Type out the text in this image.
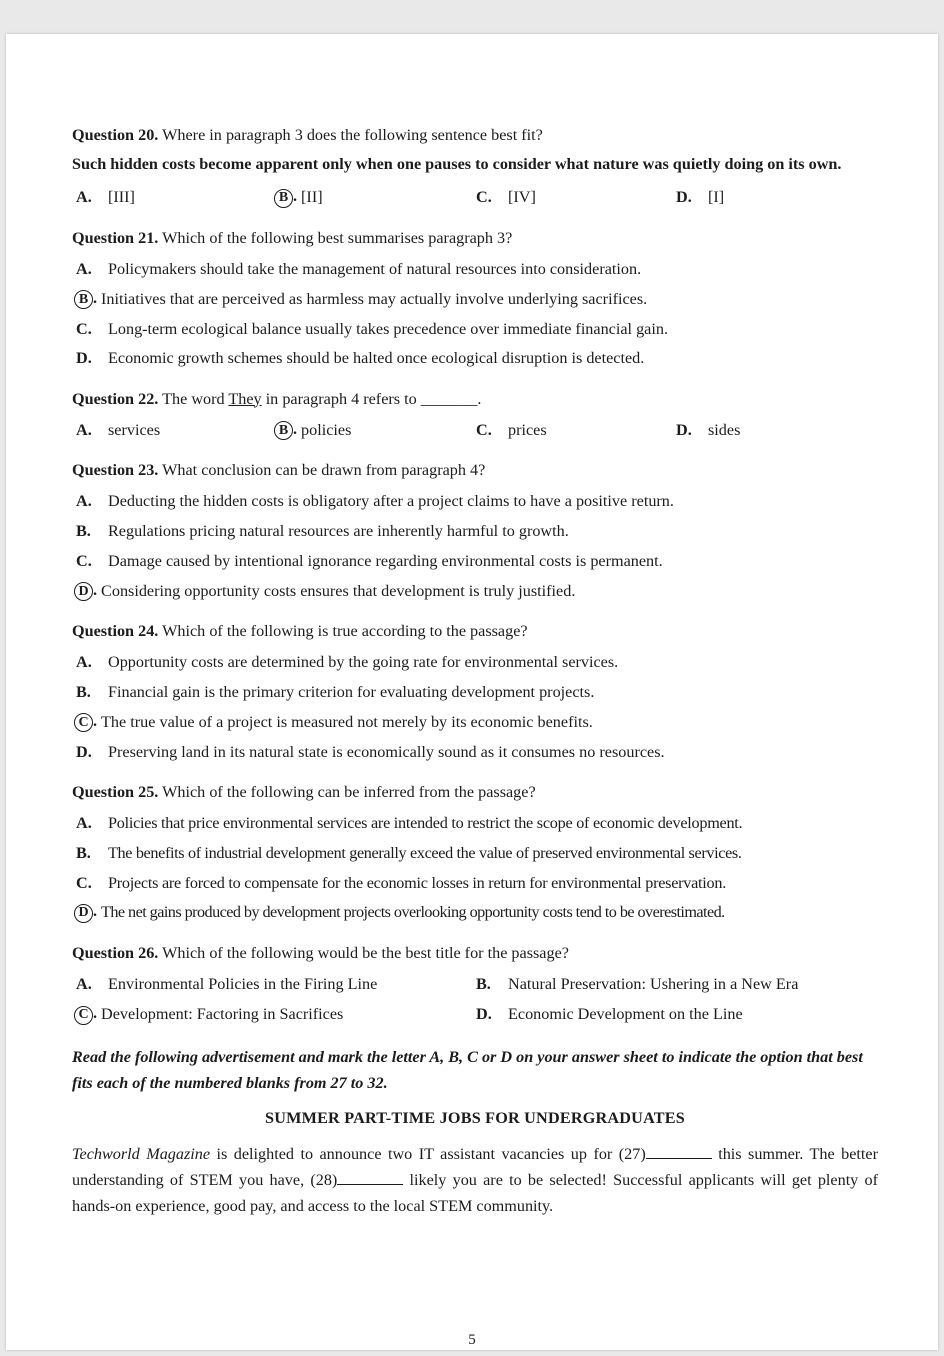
Question 20. Where in paragraph 3 does the following sentence best fit?
Such hidden costs become apparent only when one pauses to consider what nature was quietly doing on its own.
A.	[III]	B . [II]	C.	[IV]	D.	[I]
Question 21. Which of the following best summarises paragraph 3?
A.	Policymakers should take the management of natural resources into consideration.
B . Initiatives that are perceived as harmless may actually involve underlying sacrifices.
C.	Long-term ecological balance usually takes precedence over immediate financial gain.
D.	Economic growth schemes should be halted once ecological disruption is detected.
Question 22. The word They in paragraph 4 refers to _______.
A.	services	B . policies	C.	prices	D.	sides
Question 23. What conclusion can be drawn from paragraph 4?
A.	Deducting the hidden costs is obligatory after a project claims to have a positive return.
B.	Regulations pricing natural resources are inherently harmful to growth.
C.	Damage caused by intentional ignorance regarding environmental costs is permanent.
D . Considering opportunity costs ensures that development is truly justified.
Question 24. Which of the following is true according to the passage?
A.	Opportunity costs are determined by the going rate for environmental services.
B.	Financial gain is the primary criterion for evaluating development projects.
C . The true value of a project is measured not merely by its economic benefits.
D.	Preserving land in its natural state is economically sound as it consumes no resources.
Question 25. Which of the following can be inferred from the passage?
A.	Policies that price environmental services are intended to restrict the scope of economic development.
B.	The benefits of industrial development generally exceed the value of preserved environmental services.
C.	Projects are forced to compensate for the economic losses in return for environmental preservation.
D . The net gains produced by development projects overlooking opportunity costs tend to be overestimated.
Question 26. Which of the following would be the best title for the passage?
A.	Environmental Policies in the Firing Line	B.	Natural Preservation: Ushering in a New Era
C . Development: Factoring in Sacrifices	D.	Economic Development on the Line
Read the following advertisement and mark the letter A, B, C or D on your answer sheet to indicate the option that best fits each of the numbered blanks from 27 to 32.
SUMMER PART-TIME JOBS FOR UNDERGRADUATES
Techworld Magazine is delighted to announce two IT assistant vacancies up for (27)	this summer. The better understanding of STEM you have, (28)	likely you are to be selected! Successful applicants will get plenty of hands-on experience, good pay, and access to the local STEM community.
5
